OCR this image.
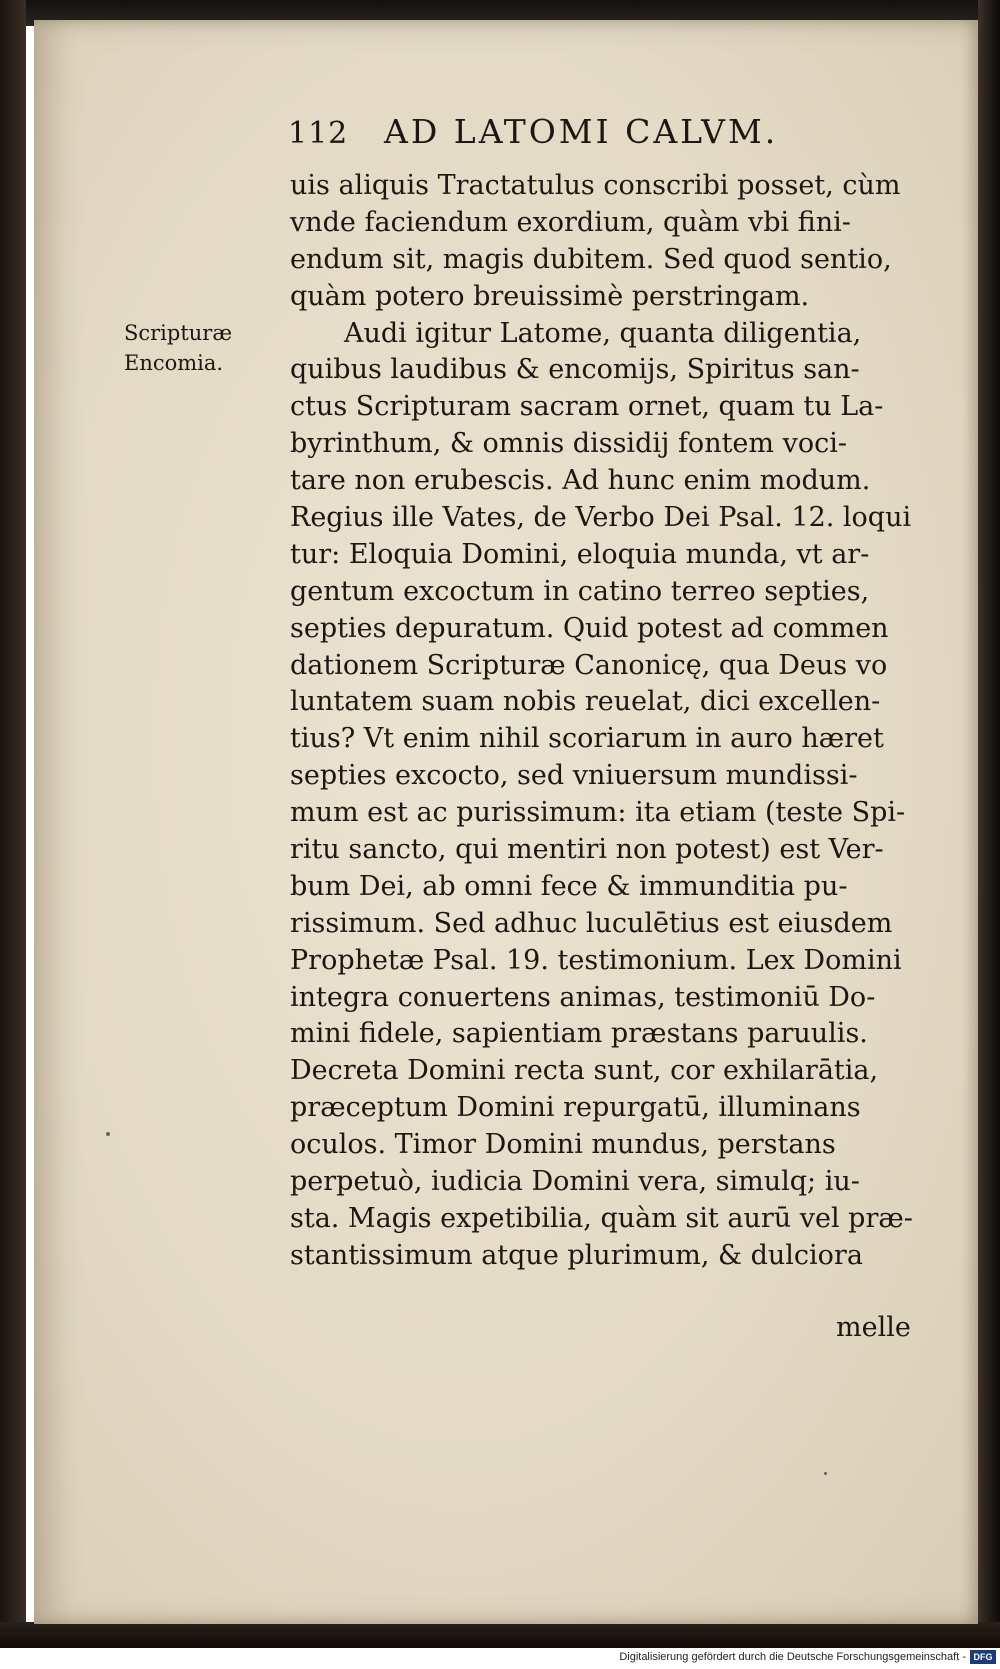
112 AD LATOMI CALVM.
Scripturæ
Encomia.
uis aliquis Tractatulus conscribi posset, cùm
vnde faciendum exordium, quàm vbi fini-
endum sit, magis dubitem. Sed quod sentio,
quàm potero breuissimè perstringam.
Audi igitur Latome, quanta diligentia,
quibus laudibus & encomijs, Spiritus san-
ctus Scripturam sacram ornet, quam tu La-
byrinthum, & omnis dissidij fontem voci-
tare non erubescis. Ad hunc enim modum.
Regius ille Vates, de Verbo Dei Psal. 12. loqui
tur: Eloquia Domini, eloquia munda, vt ar-
gentum excoctum in catino terreo septies,
septies depuratum. Quid potest ad commen
dationem Scripturæ Canonicę, qua Deus vo
luntatem suam nobis reuelat, dici excellen-
tius? Vt enim nihil scoriarum in auro hæret
septies excocto, sed vniuersum mundissi-
mum est ac purissimum: ita etiam (teste Spi-
ritu sancto, qui mentiri non potest) est Ver-
bum Dei, ab omni fece & immunditia pu-
rissimum. Sed adhuc luculētius est eiusdem
Prophetæ Psal. 19. testimonium. Lex Domini
integra conuertens animas, testimoniū Do-
mini fidele, sapientiam præstans paruulis.
Decreta Domini recta sunt, cor exhilarātia,
præceptum Domini repurgatū, illuminans
oculos. Timor Domini mundus, perstans
perpetuò, iudicia Domini vera, simulq; iu-
sta. Magis expetibilia, quàm sit aurū vel præ-
stantissimum atque plurimum, & dulciora
melle
Digitalisierung gefördert durch die Deutsche Forschungsgemeinschaft - DFG
